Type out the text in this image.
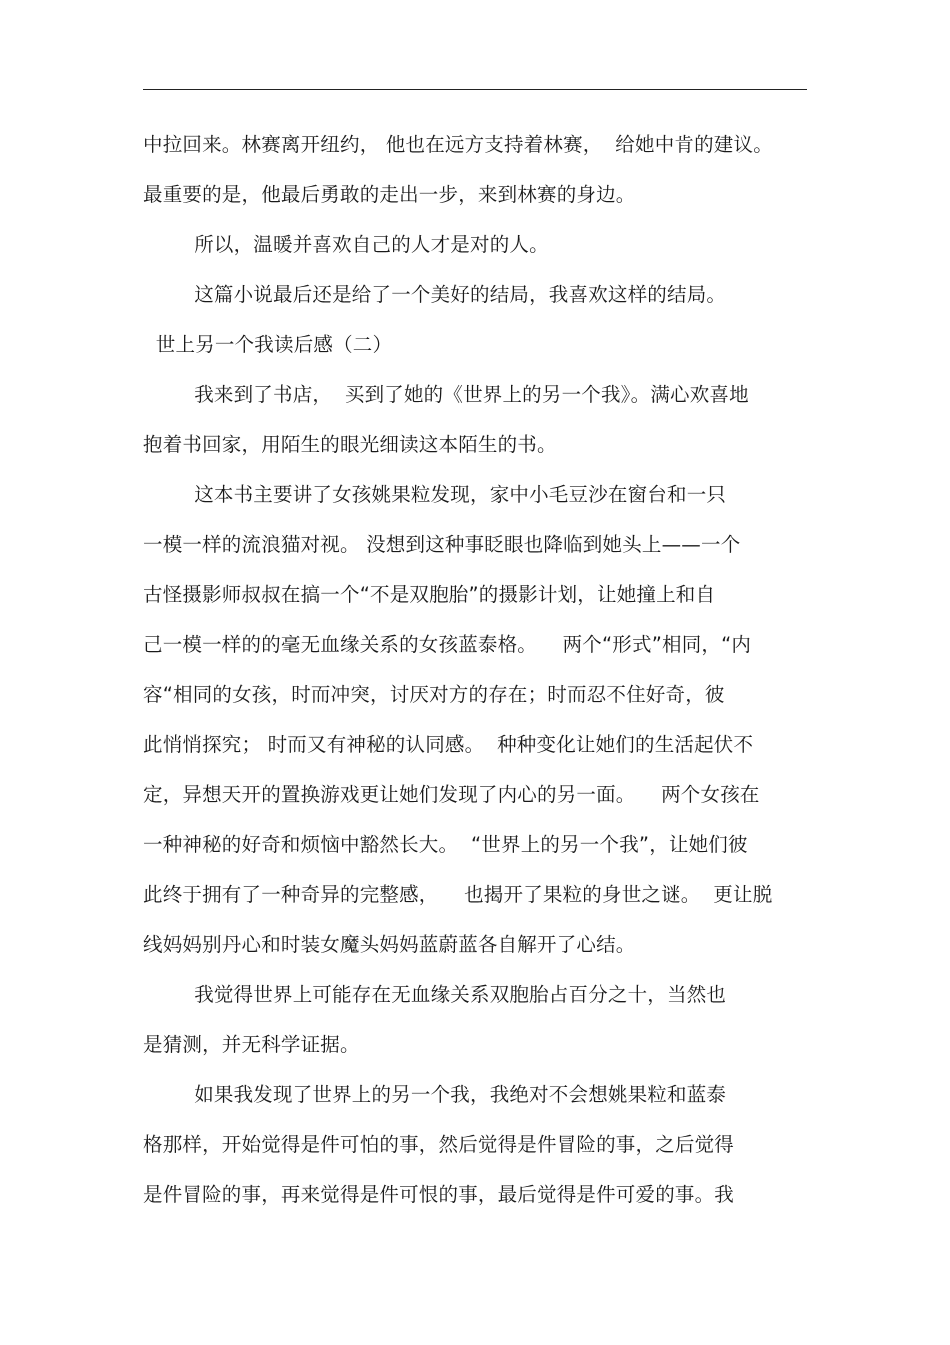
中拉回来。林赛离开纽约， 他也在远方支持着林赛，  给她中肯的建议。
最重要的是，他最后勇敢的走出一步，来到林赛的身边。
所以，温暖并喜欢自己的人才是对的人。
这篇小说最后还是给了一个美好的结局，我喜欢这样的结局。
世上另一个我读后感（二）
我来到了书店，  买到了她的《世界上的另一个我》。满心欢喜地
抱着书回家，用陌生的眼光细读这本陌生的书。
这本书主要讲了女孩姚果粒发现，家中小毛豆沙在窗台和一只
一模一样的流浪猫对视。 没想到这种事眨眼也降临到她头上——一个
古怪摄影师叔叔在搞一个“不是双胞胎”的摄影计划，让她撞上和自
己一模一样的的毫无血缘关系的女孩蓝泰格。    两个“形式”相同，“内
容“相同的女孩，时而冲突，讨厌对方的存在；时而忍不住好奇，彼
此悄悄探究； 时而又有神秘的认同感。  种种变化让她们的生活起伏不
定，异想天开的置换游戏更让她们发现了内心的另一面。    两个女孩在
一种神秘的好奇和烦恼中豁然长大。  “世界上的另一个我”，让她们彼
此终于拥有了一种奇异的完整感，    也揭开了果粒的身世之谜。  更让脱
线妈妈别丹心和时装女魔头妈妈蓝蔚蓝各自解开了心结。
我觉得世界上可能存在无血缘关系双胞胎占百分之十，当然也
是猜测，并无科学证据。
如果我发现了世界上的另一个我，我绝对不会想姚果粒和蓝泰
格那样，开始觉得是件可怕的事，然后觉得是件冒险的事，之后觉得
是件冒险的事，再来觉得是件可恨的事，最后觉得是件可爱的事。我
